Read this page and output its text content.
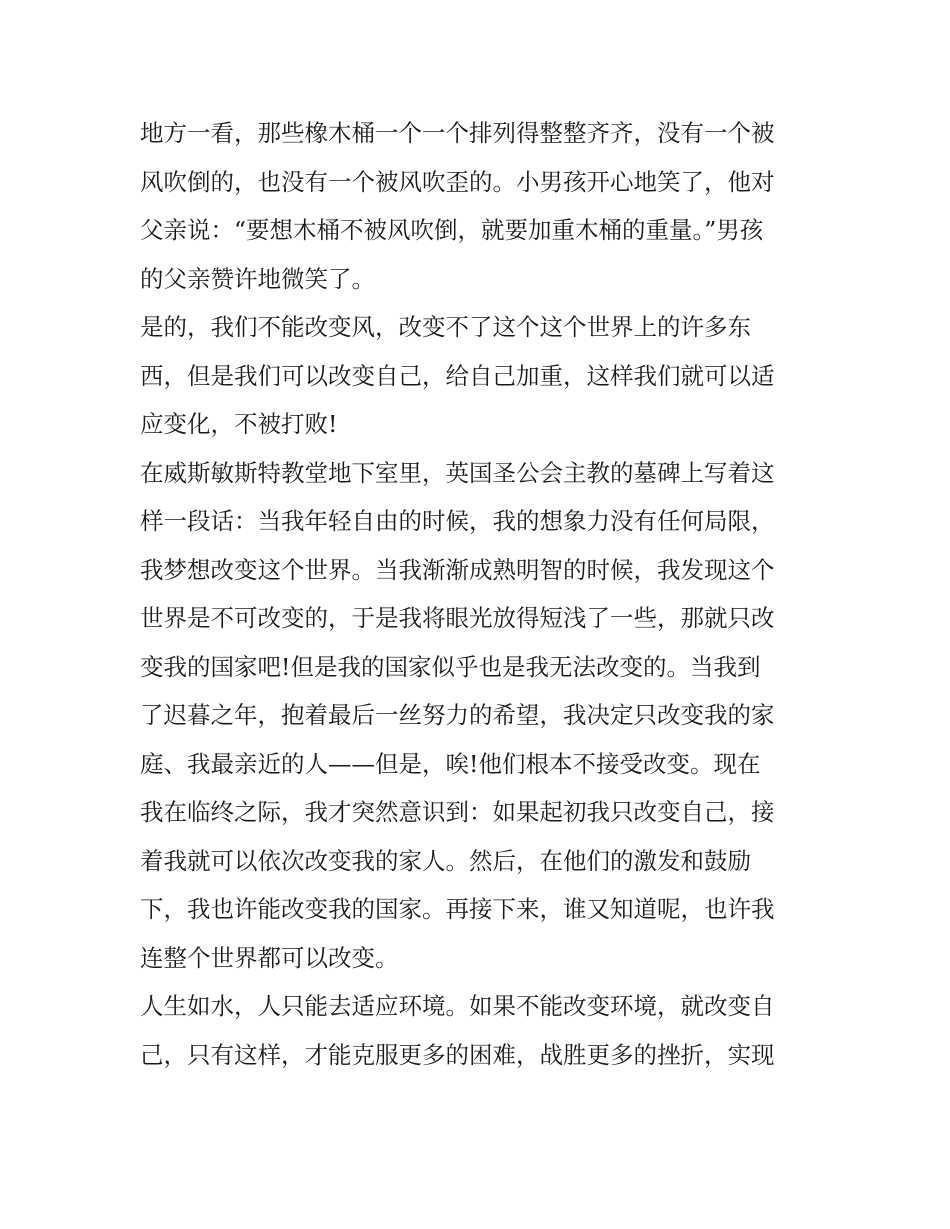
地方一看，那些橡木桶一个一个排列得整整齐齐，没有一个被
风吹倒的，也没有一个被风吹歪的。小男孩开心地笑了，他对
父亲说：“要想木桶不被风吹倒，就要加重木桶的重量。”男孩
的父亲赞许地微笑了。
是的，我们不能改变风，改变不了这个这个世界上的许多东
西，但是我们可以改变自己，给自己加重，这样我们就可以适
应变化，不被打败!
在威斯敏斯特教堂地下室里，英国圣公会主教的墓碑上写着这
样一段话：当我年轻自由的时候，我的想象力没有任何局限，
我梦想改变这个世界。当我渐渐成熟明智的时候，我发现这个
世界是不可改变的，于是我将眼光放得短浅了一些，那就只改
变我的国家吧!但是我的国家似乎也是我无法改变的。当我到
了迟暮之年，抱着最后一丝努力的希望，我决定只改变我的家
庭、我最亲近的人——但是，唉!他们根本不接受改变。现在
我在临终之际，我才突然意识到：如果起初我只改变自己，接
着我就可以依次改变我的家人。然后，在他们的激发和鼓励
下，我也许能改变我的国家。再接下来，谁又知道呢，也许我
连整个世界都可以改变。
人生如水，人只能去适应环境。如果不能改变环境，就改变自
己，只有这样，才能克服更多的困难，战胜更多的挫折，实现
